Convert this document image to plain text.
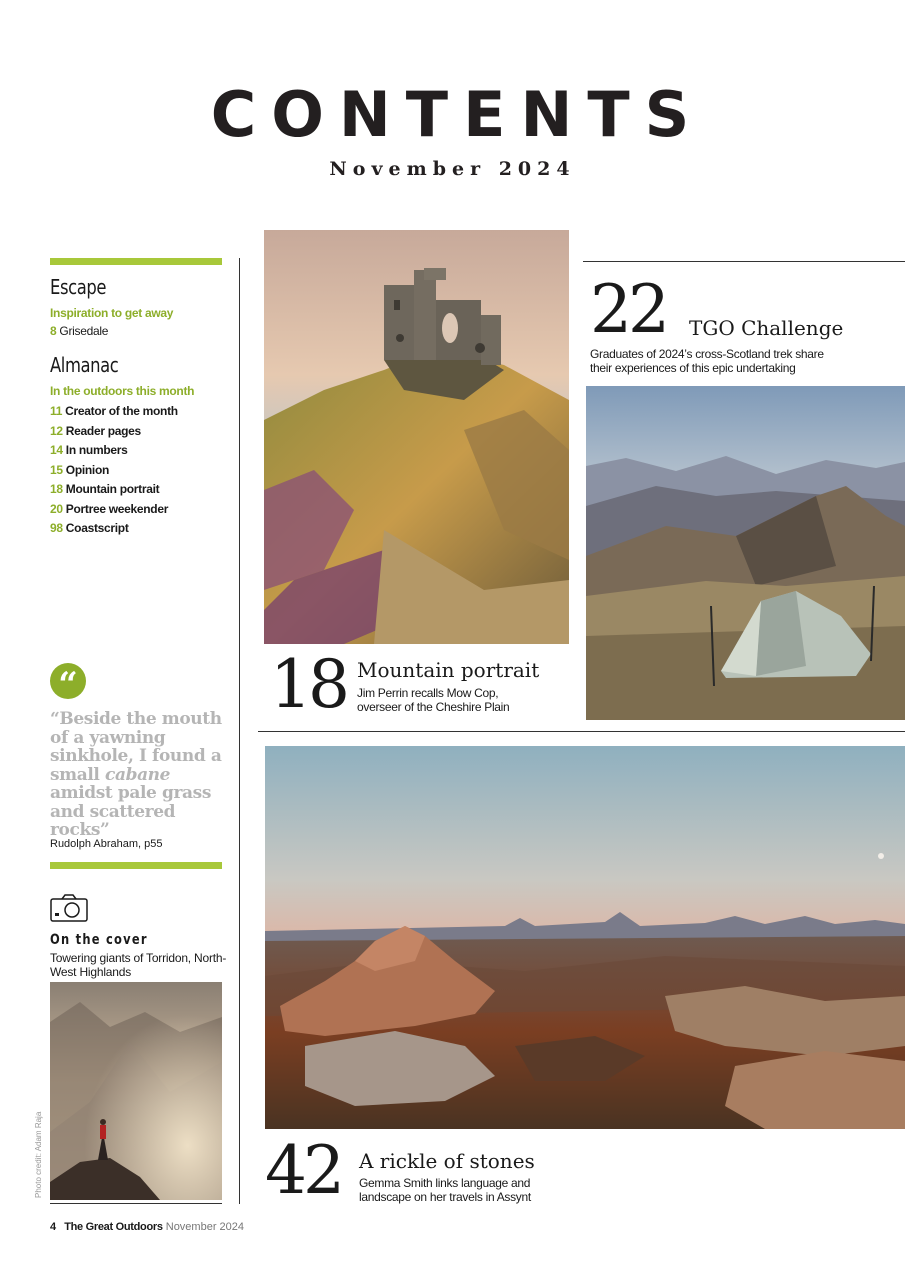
CONTENTS
November 2024
Escape
Inspiration to get away
8 Grisedale
Almanac
In the outdoors this month
11 Creator of the month
12 Reader pages
14 In numbers
15 Opinion
18 Mountain portrait
20 Portree weekender
98 Coastscript
“
“Beside the mouth of a yawning sinkhole, I found a small cabane amidst pale grass and scattered rocks”
Rudolph Abraham, p55
On the cover
Towering giants of Torridon, North-West Highlands
Photo credit: Adam Raja
18 Mountain portrait
Jim Perrin recalls Mow Cop,
overseer of the Cheshire Plain
22 TGO Challenge
Graduates of 2024’s cross-Scotland trek share
their experiences of this epic undertaking
42 A rickle of stones
Gemma Smith links language and
landscape on her travels in Assynt
4 The Great Outdoors November 2024
